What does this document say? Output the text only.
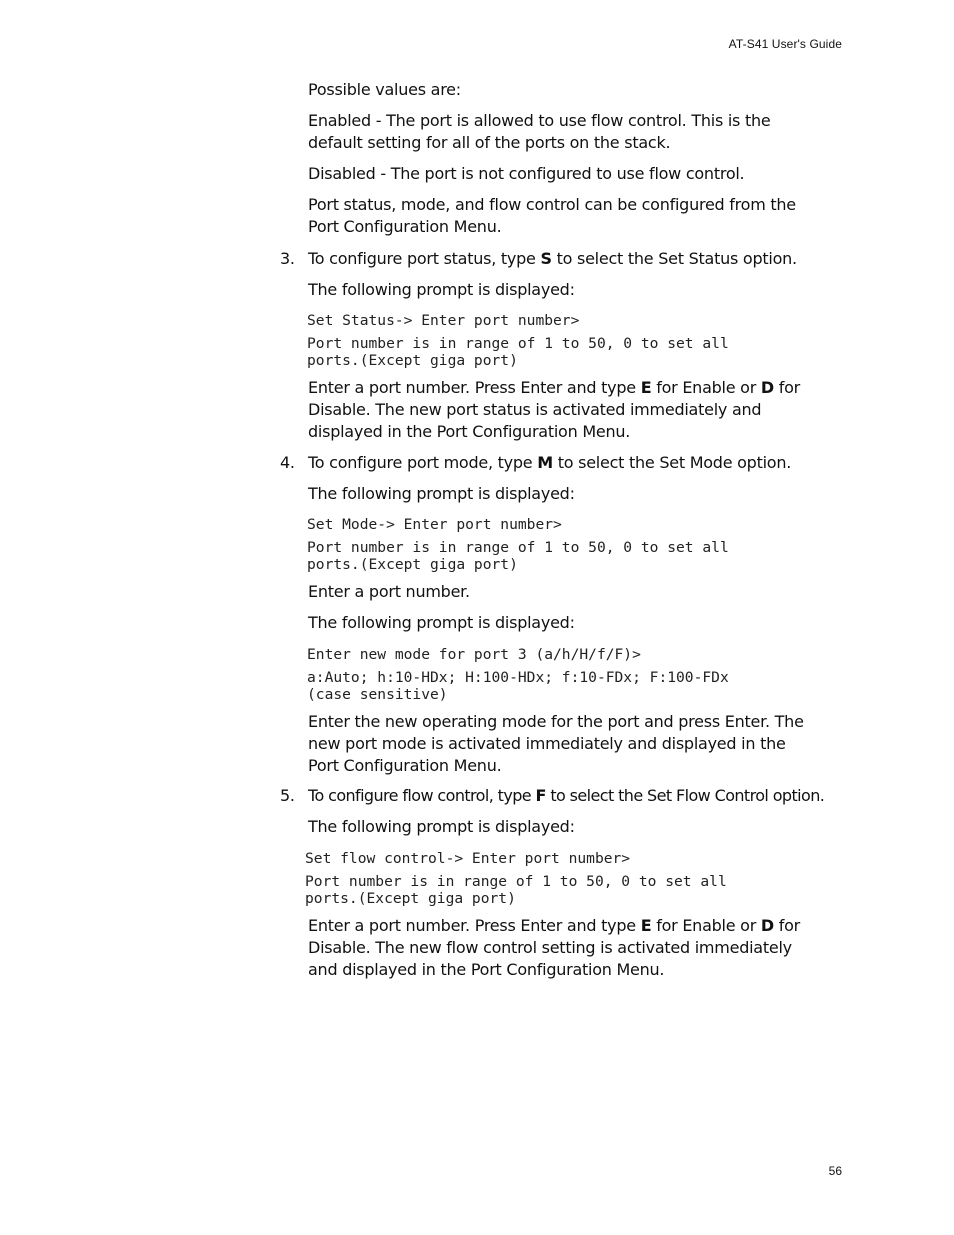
AT-S41 User's Guide

Possible values are:

Enabled - The port is allowed to use flow control. This is the default setting for all of the ports on the stack.

Disabled - The port is not configured to use flow control.

Port status, mode, and flow control can be configured from the Port Configuration Menu.

3. To configure port status, type S to select the Set Status option.

The following prompt is displayed:

Set Status-> Enter port number>
Port number is in range of 1 to 50, 0 to set all
ports.(Except giga port)

Enter a port number. Press Enter and type E for Enable or D for Disable. The new port status is activated immediately and displayed in the Port Configuration Menu.

4. To configure port mode, type M to select the Set Mode option.

The following prompt is displayed:

Set Mode-> Enter port number>
Port number is in range of 1 to 50, 0 to set all
ports.(Except giga port)

Enter a port number.

The following prompt is displayed:

Enter new mode for port 3 (a/h/H/f/F)>
a:Auto; h:10-HDx; H:100-HDx; f:10-FDx; F:100-FDx
(case sensitive)

Enter the new operating mode for the port and press Enter. The new port mode is activated immediately and displayed in the Port Configuration Menu.

5. To configure flow control, type F to select the Set Flow Control option.

The following prompt is displayed:

Set flow control-> Enter port number>
Port number is in range of 1 to 50, 0 to set all
ports.(Except giga port)

Enter a port number. Press Enter and type E for Enable or D for Disable. The new flow control setting is activated immediately and displayed in the Port Configuration Menu.

56
